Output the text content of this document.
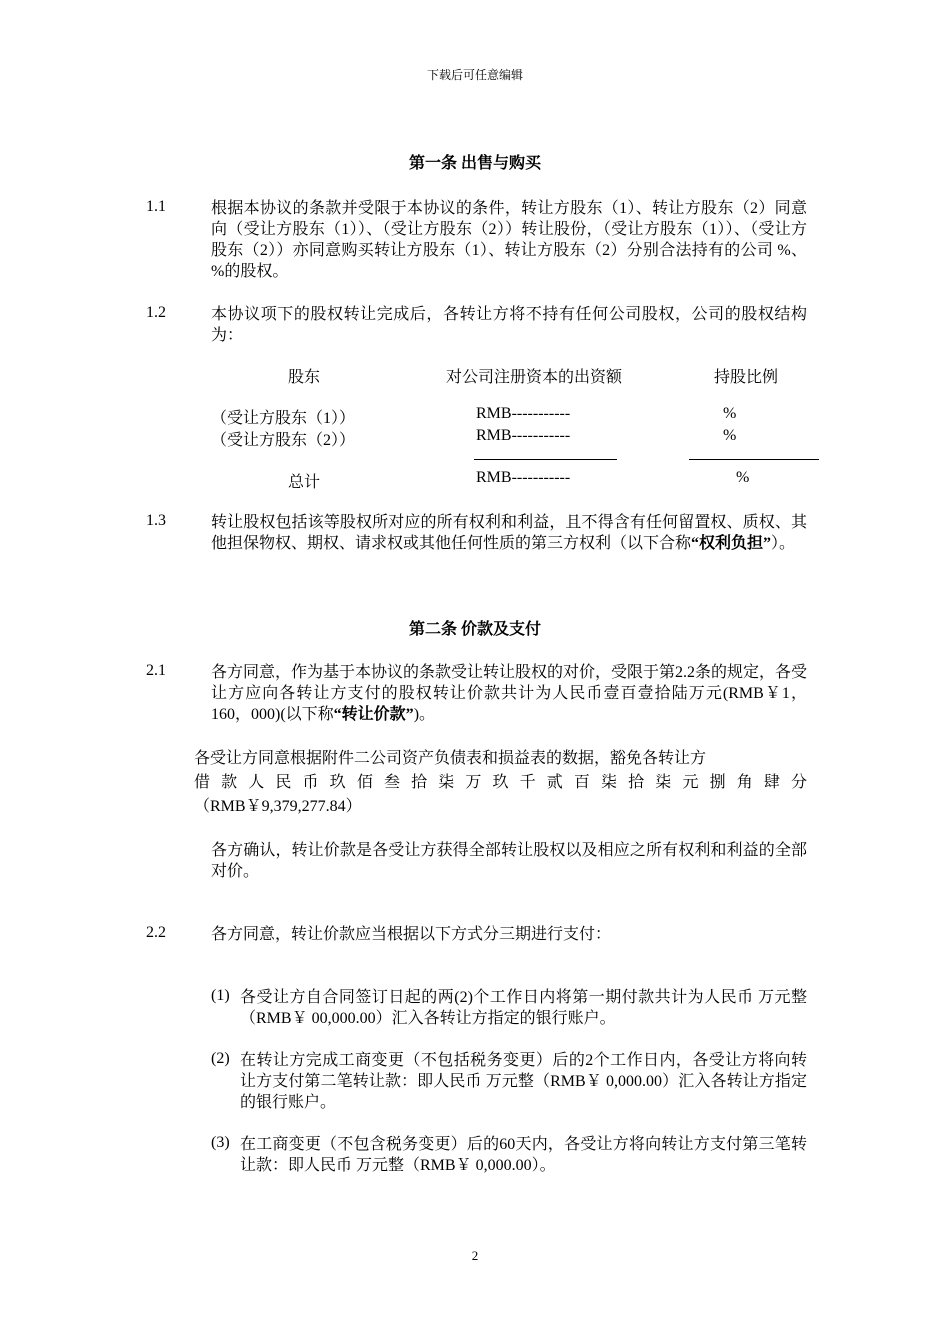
下载后可任意编辑
第一条 出售与购买
1.1	根据本协议的条款并受限于本协议的条件，转让方股东（1）、转让方股东（2）同意向（受让方股东（1））、（受让方股东（2））转让股份，（受让方股东（1））、（受让方股东（2））亦同意购买转让方股东（1）、转让方股东（2）分别合法持有的公司 %、 %的股权。
1.2	本协议项下的股权转让完成后，各转让方将不持有任何公司股权，公司的股权结构为：
股东	对公司注册资本的出资额	持股比例
（受让方股东（1））	RMB-----------	%
（受让方股东（2））	RMB-----------	%
总计	RMB-----------	%
1.3	转让股权包括该等股权所对应的所有权利和利益，且不得含有任何留置权、质权、其他担保物权、期权、请求权或其他任何性质的第三方权利（以下合称“权利负担”）。
第二条 价款及支付
2.1	各方同意，作为基于本协议的条款受让转让股权的对价，受限于第2.2条的规定，各受让方应向各转让方支付的股权转让价款共计为人民币壹百壹拾陆万元(RMB￥1，160，000)(以下称“转让价款”)。
各受让方同意根据附件二公司资产负债表和损益表的数据，豁免各转让方
借款人民币玖佰叁拾柒万玖千贰百柒拾柒元捌角肆分
（RMB￥9,379,277.84）
各方确认，转让价款是各受让方获得全部转让股权以及相应之所有权利和利益的全部对价。
2.2	各方同意，转让价款应当根据以下方式分三期进行支付：
(1) 各受让方自合同签订日起的两(2)个工作日内将第一期付款共计为人民币 万元整（RMB￥ 00,000.00）汇入各转让方指定的银行账户。
(2) 在转让方完成工商变更（不包括税务变更）后的2个工作日内，各受让方将向转让方支付第二笔转让款：即人民币 万元整（RMB￥ 0,000.00）汇入各转让方指定的银行账户。
(3) 在工商变更（不包含税务变更）后的60天内，各受让方将向转让方支付第三笔转让款：即人民币 万元整（RMB￥ 0,000.00）。
2
